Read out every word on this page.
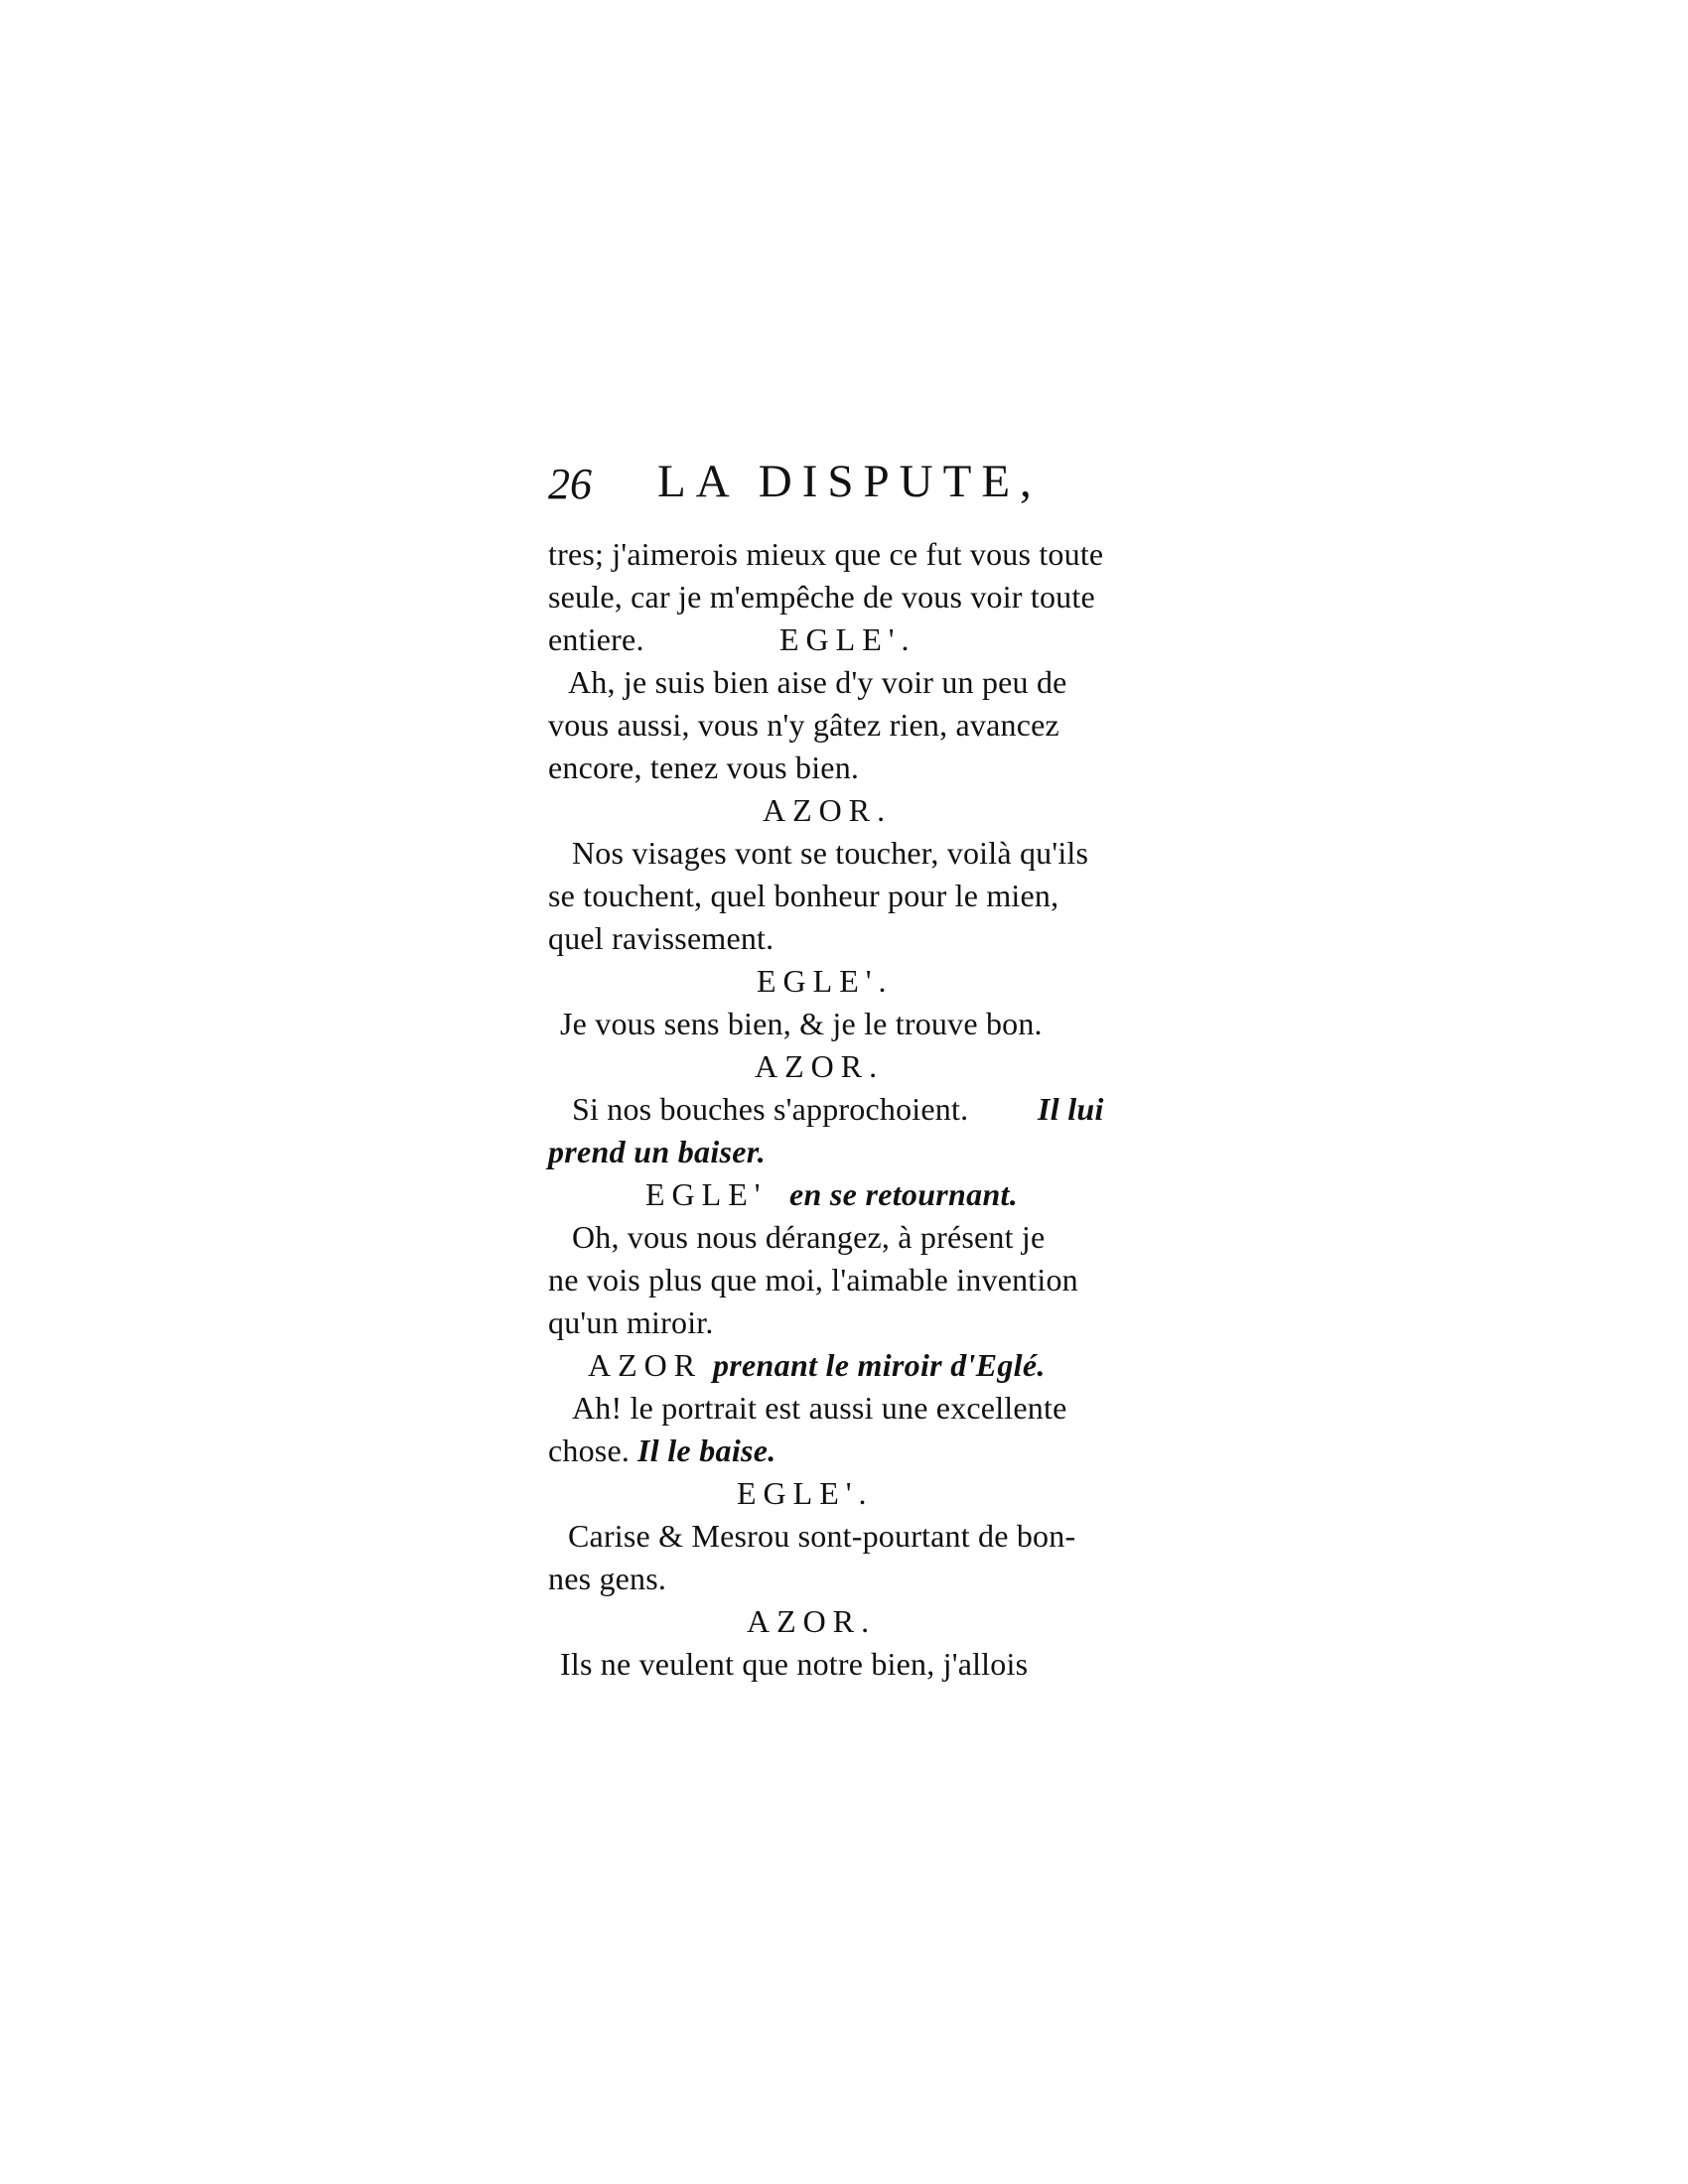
26 LA DISPUTE,
tres; j'aimerois mieux que ce fut vous toute
seule, car je m'empêche de vous voir toute
entiere.	EGLE'.
Ah, je suis bien aise d'y voir un peu de
vous aussi, vous n'y gâtez rien, avancez
encore, tenez vous bien.
AZOR.
Nos visages vont se toucher, voilà qu'ils
se touchent, quel bonheur pour le mien,
quel ravissement.
EGLE'.
Je vous sens bien, & je le trouve bon.
AZOR.
Si nos bouches s'approchoient. Il lui
prend un baiser.
EGLE' en se retournant.
Oh, vous nous dérangez, à présent je
ne vois plus que moi, l'aimable invention
qu'un miroir.
AZOR prenant le miroir d'Eglé.
Ah! le portrait est aussi une excellente
chose. Il le baise.
EGLE'.
Carise & Mesrou sont-pourtant de bon-
nes gens.
AZOR.
Ils ne veulent que notre bien, j'allois
